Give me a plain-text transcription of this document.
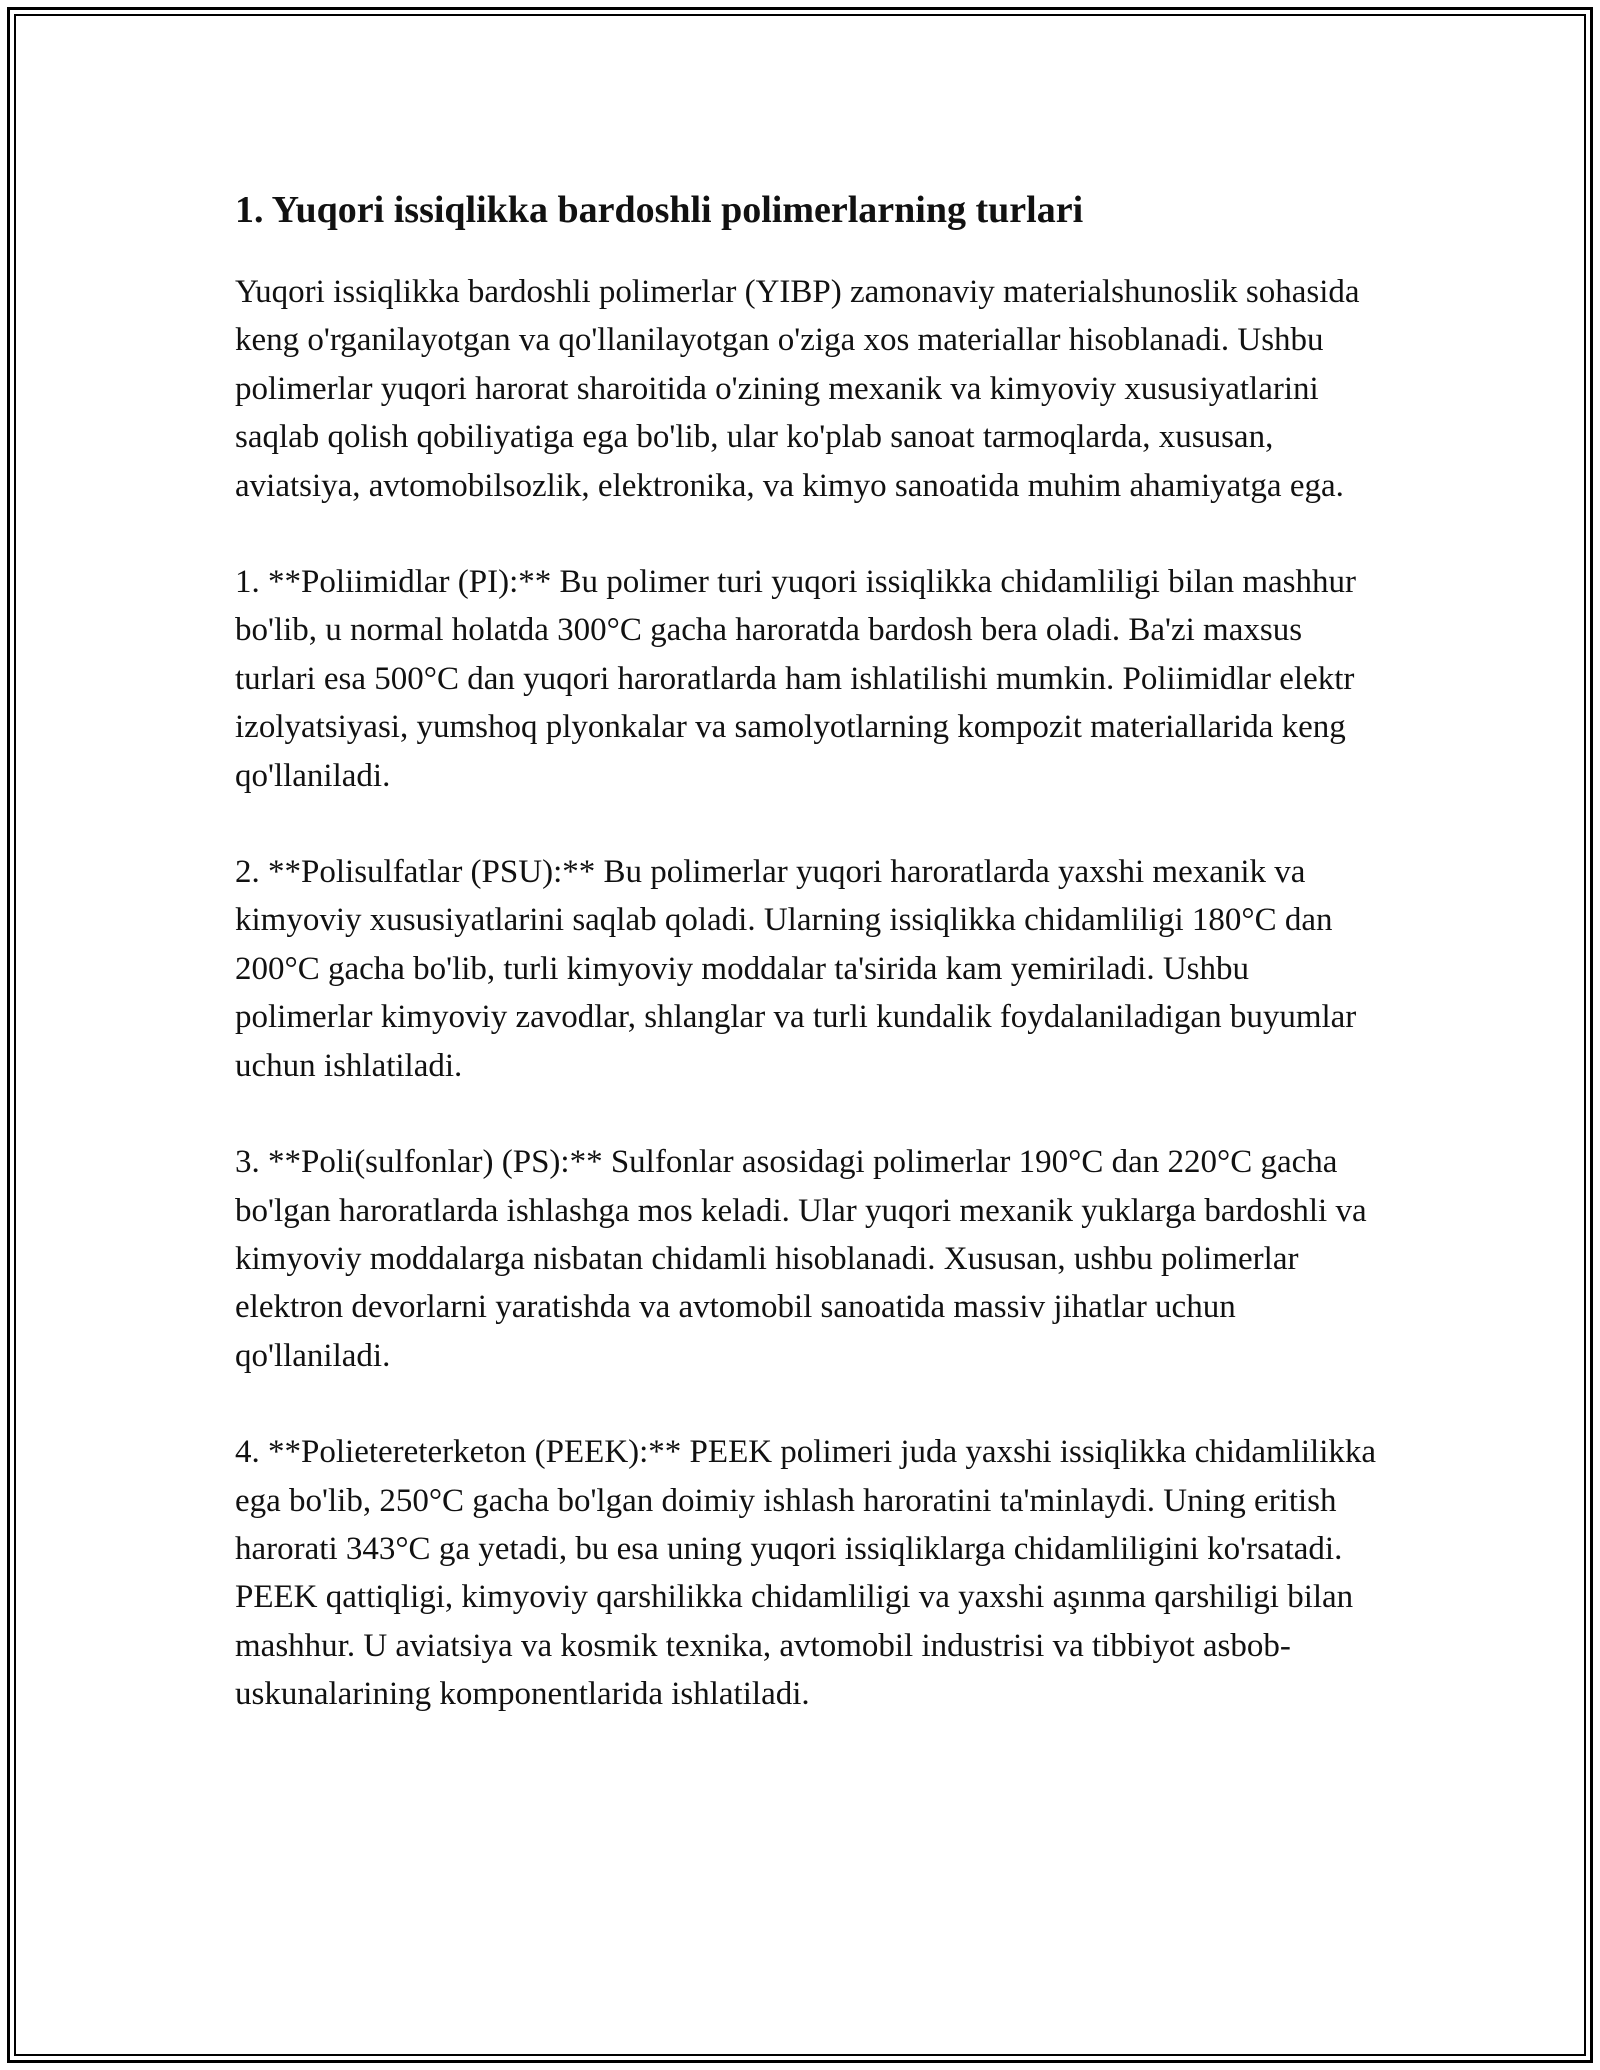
1. Yuqori issiqlikka bardoshli polimerlarning turlari

Yuqori issiqlikka bardoshli polimerlar (YIBP) zamonaviy materialshunoslik sohasida keng o'rganilayotgan va qo'llanilayotgan o'ziga xos materiallar hisoblanadi. Ushbu polimerlar yuqori harorat sharoitida o'zining mexanik va kimyoviy xususiyatlarini saqlab qolish qobiliyatiga ega bo'lib, ular ko'plab sanoat tarmoqlarda, xususan, aviatsiya, avtomobilsozlik, elektronika, va kimyo sanoatida muhim ahamiyatga ega.

1. **Poliimidlar (PI):** Bu polimer turi yuqori issiqlikka chidamliligi bilan mashhur bo'lib, u normal holatda 300°C gacha haroratda bardosh bera oladi. Ba'zi maxsus turlari esa 500°C dan yuqori haroratlarda ham ishlatilishi mumkin. Poliimidlar elektr izolyatsiyasi, yumshoq plyonkalar va samolyotlarning kompozit materiallarida keng qo'llaniladi.

2. **Polisulfatlar (PSU):** Bu polimerlar yuqori haroratlarda yaxshi mexanik va kimyoviy xususiyatlarini saqlab qoladi. Ularning issiqlikka chidamliligi 180°C dan 200°C gacha bo'lib, turli kimyoviy moddalar ta'sirida kam yemiriladi. Ushbu polimerlar kimyoviy zavodlar, shlanglar va turli kundalik foydalaniladigan buyumlar uchun ishlatiladi.

3. **Poli(sulfonlar) (PS):** Sulfonlar asosidagi polimerlar 190°C dan 220°C gacha bo'lgan haroratlarda ishlashga mos keladi. Ular yuqori mexanik yuklarga bardoshli va kimyoviy moddalarga nisbatan chidamli hisoblanadi. Xususan, ushbu polimerlar elektron devorlarni yaratishda va avtomobil sanoatida massiv jihatlar uchun qo'llaniladi.

4. **Polietereterketon (PEEK):** PEEK polimeri juda yaxshi issiqlikka chidamlilikka ega bo'lib, 250°C gacha bo'lgan doimiy ishlash haroratini ta'minlaydi. Uning eritish harorati 343°C ga yetadi, bu esa uning yuqori issiqliklarga chidamliligini ko'rsatadi. PEEK qattiqligi, kimyoviy qarshilikka chidamliligi va yaxshi aşınma qarshiligi bilan mashhur. U aviatsiya va kosmik texnika, avtomobil industrisi va tibbiyot asbob-uskunalarining komponentlarida ishlatiladi.
